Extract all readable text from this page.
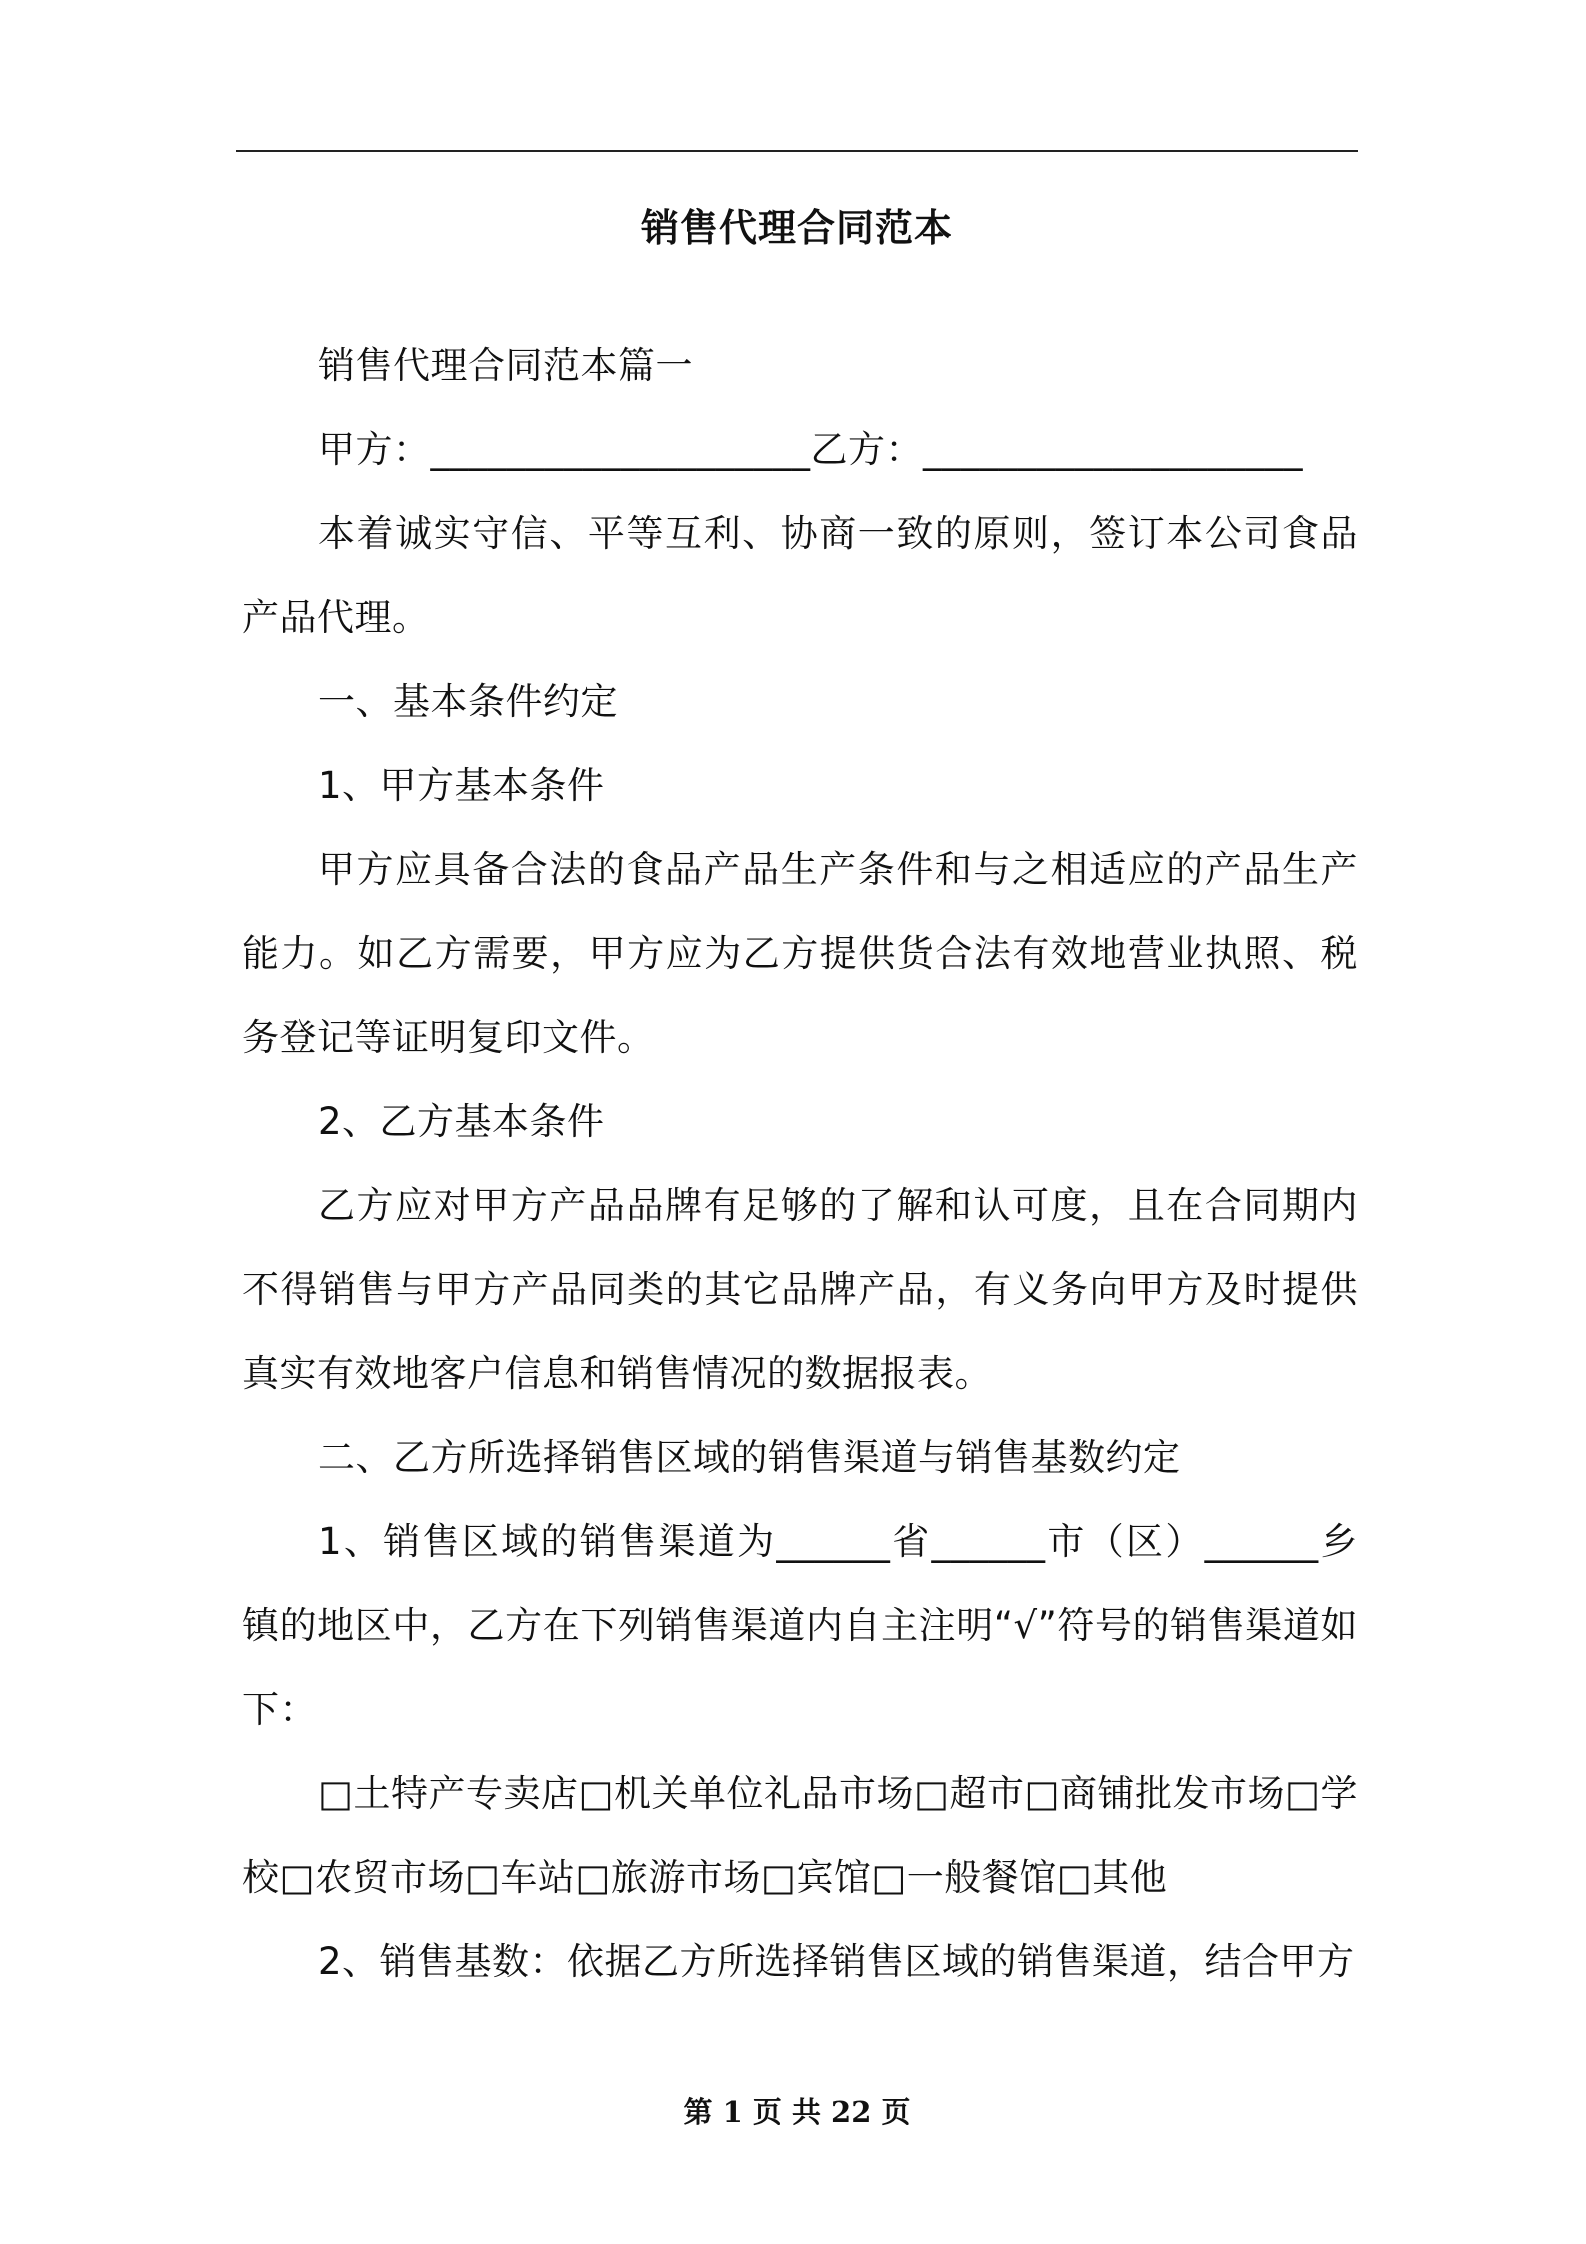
销售代理合同范本

销售代理合同范本篇一

甲方：____________________乙方：____________________

本着诚实守信、平等互利、协商一致的原则，签订本公司食品产品代理。

一、基本条件约定

1、甲方基本条件

甲方应具备合法的食品产品生产条件和与之相适应的产品生产能力。如乙方需要，甲方应为乙方提供货合法有效地营业执照、税务登记等证明复印文件。

2、乙方基本条件

乙方应对甲方产品品牌有足够的了解和认可度，且在合同期内不得销售与甲方产品同类的其它品牌产品，有义务向甲方及时提供真实有效地客户信息和销售情况的数据报表。

二、乙方所选择销售区域的销售渠道与销售基数约定

1、销售区域的销售渠道为______省______市（区）______乡镇的地区中，乙方在下列销售渠道内自主注明“√”符号的销售渠道如下：

□土特产专卖店□机关单位礼品市场□超市□商铺批发市场□学校□农贸市场□车站□旅游市场□宾馆□一般餐馆□其他

2、销售基数：依据乙方所选择销售区域的销售渠道，结合甲方

第 1 页 共 22 页
